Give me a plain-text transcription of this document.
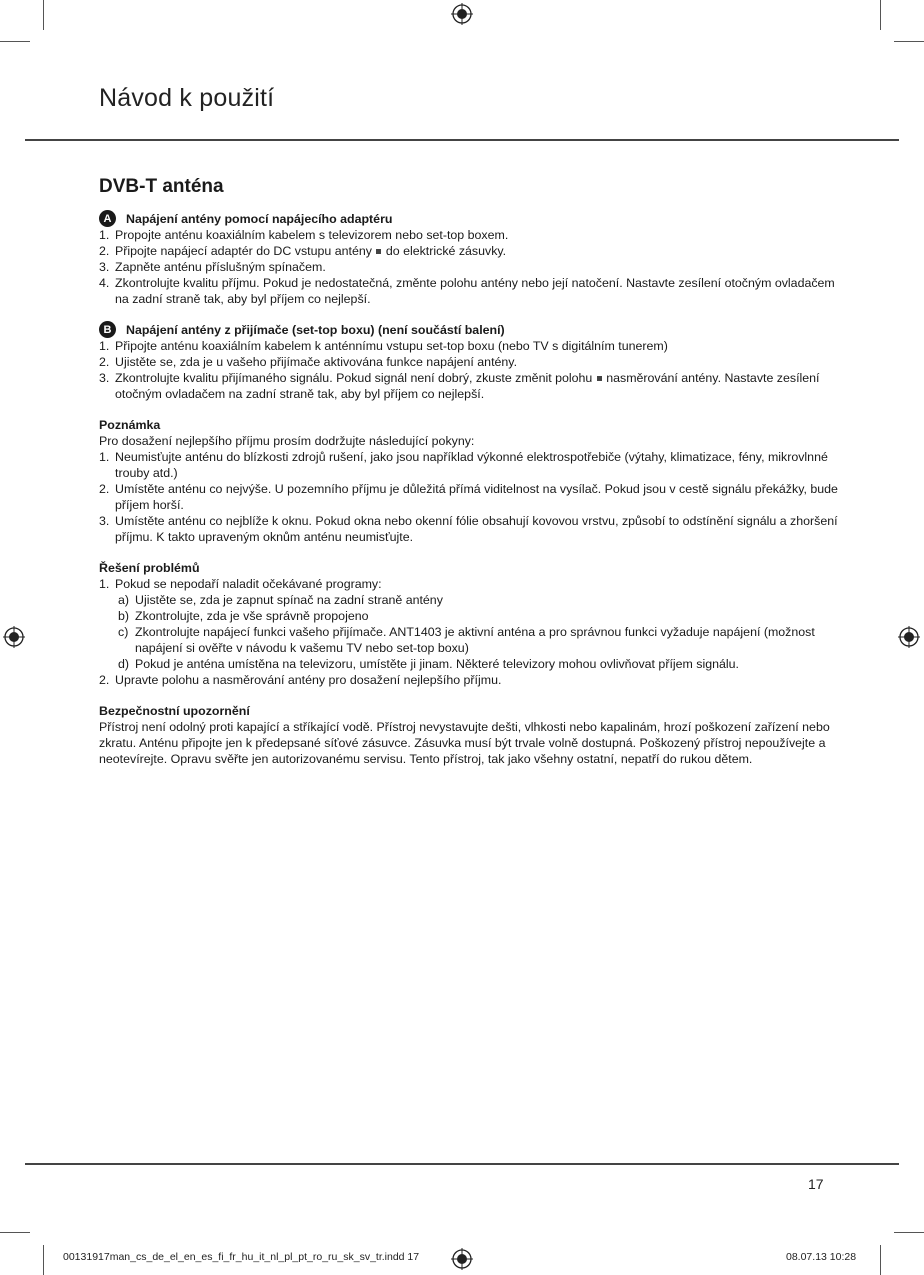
Návod k použití
DVB-T anténa
A	Napájení antény pomocí napájecího adaptéru
1. Propojte anténu koaxiálním kabelem s televizorem nebo set-top boxem.
2. Připojte napájecí adaptér do DC vstupu antény do elektrické zásuvky.
3. Zapněte anténu příslušným spínačem.
4. Zkontrolujte kvalitu příjmu. Pokud je nedostatečná, změnte polohu antény nebo její natočení. Nastavte zesílení otočným ovladačem na zadní straně tak, aby byl příjem co nejlepší.
B	Napájení antény z přijímače (set-top boxu) (není součástí balení)
1. Připojte anténu koaxiálním kabelem k anténnímu vstupu set-top boxu (nebo TV s digitálním tunerem)
2. Ujistěte se, zda je u vašeho přijímače aktivována funkce napájení antény.
3. Zkontrolujte kvalitu přijímaného signálu. Pokud signál není dobrý, zkuste změnit polohu nasměrování antény. Nastavte zesílení otočným ovladačem na zadní straně tak, aby byl příjem co nejlepší.
Poznámka
Pro dosažení nejlepšího příjmu prosím dodržujte následující pokyny:
1. Neumisťujte anténu do blízkosti zdrojů rušení, jako jsou například výkonné elektrospotřebiče (výtahy, klimatizace, fény, mikrovlnné trouby atd.)
2. Umístěte anténu co nejvýše. U pozemního příjmu je důležitá přímá viditelnost na vysílač. Pokud jsou v cestě signálu překážky, bude příjem horší.
3. Umístěte anténu co nejblíže k oknu. Pokud okna nebo okenní fólie obsahují kovovou vrstvu, způsobí to odstínění signálu a zhoršení příjmu. K takto upraveným oknům anténu neumisťujte.
Řešení problémů
1. Pokud se nepodaří naladit očekávané programy:
a) Ujistěte se, zda je zapnut spínač na zadní straně antény
b) Zkontrolujte, zda je vše správně propojeno
c) Zkontrolujte napájecí funkci vašeho přijímače. ANT1403 je aktivní anténa a pro správnou funkci vyžaduje napájení (možnost napájení si ověřte v návodu k vašemu TV nebo set-top boxu)
d) Pokud je anténa umístěna na televizoru, umístěte ji jinam. Některé televizory mohou ovlivňovat příjem signálu.
2. Upravte polohu a nasměrování antény pro dosažení nejlepšího příjmu.
Bezpečnostní upozornění
Přístroj není odolný proti kapající a stříkající vodě. Přístroj nevystavujte dešti, vlhkosti nebo kapalinám, hrozí poškození zařízení nebo zkratu. Anténu připojte jen k předepsané síťové zásuvce. Zásuvka musí být trvale volně dostupná. Poškozený přístroj nepoužívejte a neotevírejte. Opravu svěřte jen autorizovanému servisu. Tento přístroj, tak jako všehny ostatní, nepatří do rukou dětem.
17
00131917man_cs_de_el_en_es_fi_fr_hu_it_nl_pl_pt_ro_ru_sk_sv_tr.indd 17	08.07.13 10:28
